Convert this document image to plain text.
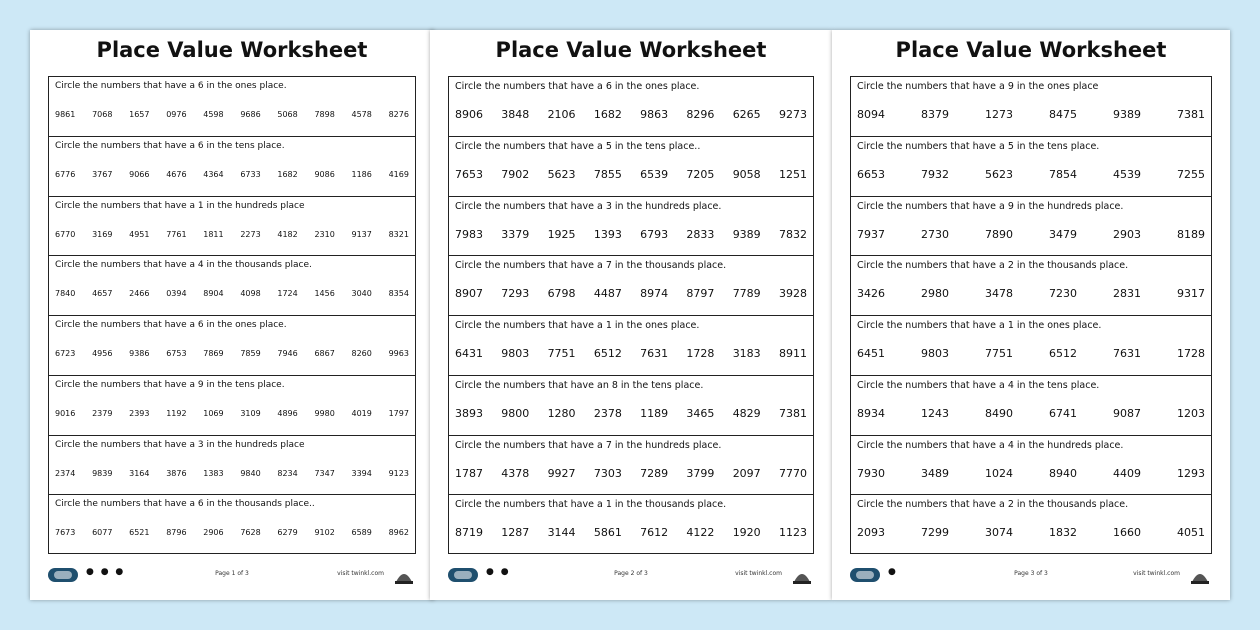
Place Value Worksheet
Circle the numbers that have a 6 in the ones place.
9861 7068 1657 0976 4598 9686 5068 7898 4578 8276
Circle the numbers that have a 6 in the tens place.
6776 3767 9066 4676 4364 6733 1682 9086 1186 4169
Circle the numbers that have a 1 in the hundreds place
6770 3169 4951 7761 1811 2273 4182 2310 9137 8321
Circle the numbers that have a 4 in the thousands place.
7840 4657 2466 0394 8904 4098 1724 1456 3040 8354
Circle the numbers that have a 6 in the ones place.
6723 4956 9386 6753 7869 7859 7946 6867 8260 9963
Circle the numbers that have a 9 in the tens place.
9016 2379 2393 1192 1069 3109 4896 9980 4019 1797
Circle the numbers that have a 3 in the hundreds place
2374 9839 3164 3876 1383 9840 8234 7347 3394 9123
Circle the numbers that have a 6 in the thousands place..
7673 6077 6521 8796 2906 7628 6279 9102 6589 8962
● ● ●	Page 1 of 3	visit twinkl.com
Place Value Worksheet
Circle the numbers that have a 6 in the ones place.
8906 3848 2106 1682 9863 8296 6265 9273
Circle the numbers that have a 5 in the tens place..
7653 7902 5623 7855 6539 7205 9058 1251
Circle the numbers that have a 3 in the hundreds place.
7983 3379 1925 1393 6793 2833 9389 7832
Circle the numbers that have a 7 in the thousands place.
8907 7293 6798 4487 8974 8797 7789 3928
Circle the numbers that have a 1 in the ones place.
6431 9803 7751 6512 7631 1728 3183 8911
Circle the numbers that have an 8 in the tens place.
3893 9800 1280 2378 1189 3465 4829 7381
Circle the numbers that have a 7 in the hundreds place.
1787 4378 9927 7303 7289 3799 2097 7770
Circle the numbers that have a 1 in the thousands place.
8719 1287 3144 5861 7612 4122 1920 1123
● ●	Page 2 of 3	visit twinkl.com
Place Value Worksheet
Circle the numbers that have a 9 in the ones place
8094	8379	1273	8475	9389	7381
Circle the numbers that have a 5 in the tens place.
6653	7932	5623	7854	4539	7255
Circle the numbers that have a 9 in the hundreds place.
7937	2730	7890	3479	2903	8189
Circle the numbers that have a 2 in the thousands place.
3426	2980	3478	7230	2831	9317
Circle the numbers that have a 1 in the ones place.
6451	9803	7751	6512	7631	1728
Circle the numbers that have a 4 in the tens place.
8934	1243	8490	6741	9087	1203
Circle the numbers that have a 4 in the hundreds place.
7930	3489	1024	8940	4409	1293
Circle the numbers that have a 2 in the thousands place.
2093	7299	3074	1832	1660	4051
●	Page 3 of 3	visit twinkl.com
